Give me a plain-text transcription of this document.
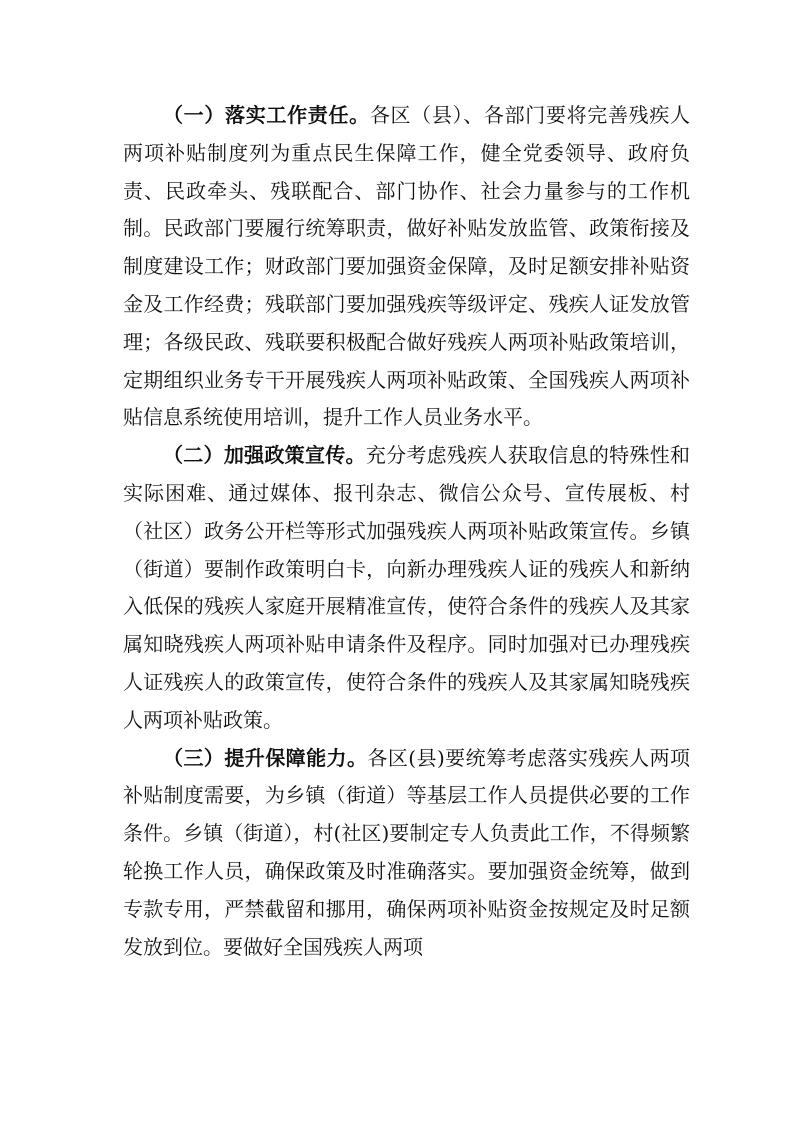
（一）落实工作责任。各区（县）、各部门要将完善残疾人两项补贴制度列为重点民生保障工作，健全党委领导、政府负责、民政牵头、残联配合、部门协作、社会力量参与的工作机制。民政部门要履行统筹职责，做好补贴发放监管、政策衔接及制度建设工作；财政部门要加强资金保障，及时足额安排补贴资金及工作经费；残联部门要加强残疾等级评定、残疾人证发放管理；各级民政、残联要积极配合做好残疾人两项补贴政策培训，定期组织业务专干开展残疾人两项补贴政策、全国残疾人两项补贴信息系统使用培训，提升工作人员业务水平。

（二）加强政策宣传。充分考虑残疾人获取信息的特殊性和实际困难、通过媒体、报刊杂志、微信公众号、宣传展板、村（社区）政务公开栏等形式加强残疾人两项补贴政策宣传。乡镇（街道）要制作政策明白卡，向新办理残疾人证的残疾人和新纳入低保的残疾人家庭开展精准宣传，使符合条件的残疾人及其家属知晓残疾人两项补贴申请条件及程序。同时加强对已办理残疾人证残疾人的政策宣传，使符合条件的残疾人及其家属知晓残疾人两项补贴政策。

（三）提升保障能力。各区(县)要统筹考虑落实残疾人两项补贴制度需要，为乡镇（街道）等基层工作人员提供必要的工作条件。乡镇（街道），村(社区)要制定专人负责此工作，不得频繁轮换工作人员，确保政策及时准确落实。要加强资金统筹，做到专款专用，严禁截留和挪用，确保两项补贴资金按规定及时足额发放到位。要做好全国残疾人两项
